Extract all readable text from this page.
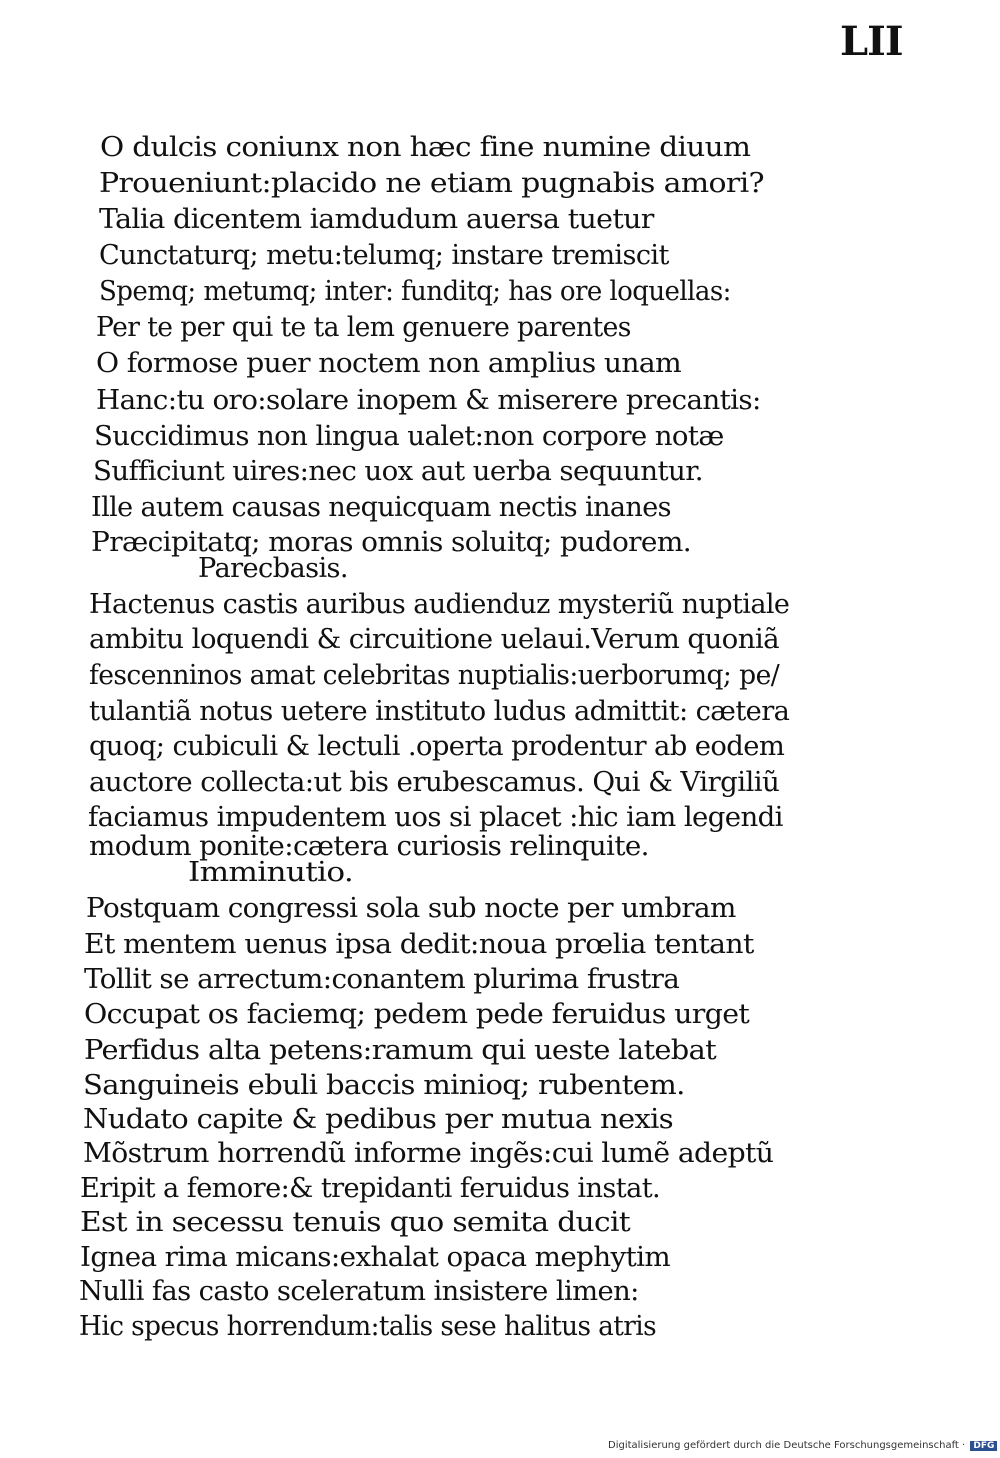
LII
O dulcis coniunx non hæc fine numine diuum
Proueniunt:placido ne etiam pugnabis amori?
Talia dicentem iamdudum auersa tuetur
Cunctaturq; metu:telumq; instare tremiscit
Spemq; metumq; inter: funditq; has ore loquellas:
Per te per qui te ta lem genuere parentes
O formose puer noctem non amplius unam
Hanc:tu oro:solare inopem & miserere precantis:
Succidimus non lingua ualet:non corpore notæ
Sufficiunt uires:nec uox aut uerba sequuntur.
Ille autem causas nequicquam nectis inanes
Præcipitatq; moras omnis soluitq; pudorem.
Parecbasis.
Hactenus castis auribus audienduz mysteriũ nuptiale
ambitu loquendi & circuitione uelaui.Verum quoniã
fescenninos amat celebritas nuptialis:uerborumq; pe/
tulantiã notus uetere instituto ludus admittit: cætera
quoq; cubiculi & lectuli .operta prodentur ab eodem
auctore collecta:ut bis erubescamus. Qui & Virgiliũ
faciamus impudentem uos si placet :hic iam legendi
modum ponite:cætera curiosis relinquite.
Imminutio.
Postquam congressi sola sub nocte per umbram
Et mentem uenus ipsa dedit:noua prœlia tentant
Tollit se arrectum:conantem plurima frustra
Occupat os faciemq; pedem pede feruidus urget
Perfidus alta petens:ramum qui ueste latebat
Sanguineis ebuli baccis minioq; rubentem.
Nudato capite & pedibus per mutua nexis
Mõstrum horrendũ informe ingẽs:cui lumẽ adeptũ
Eripit a femore:& trepidanti feruidus instat.
Est in secessu tenuis quo semita ducit
Ignea rima micans:exhalat opaca mephytim
Nulli fas casto sceleratum insistere limen:
Hic specus horrendum:talis sese halitus atris
Digitalisierung gefördert durch die Deutsche Forschungsgemeinschaft · DFG
